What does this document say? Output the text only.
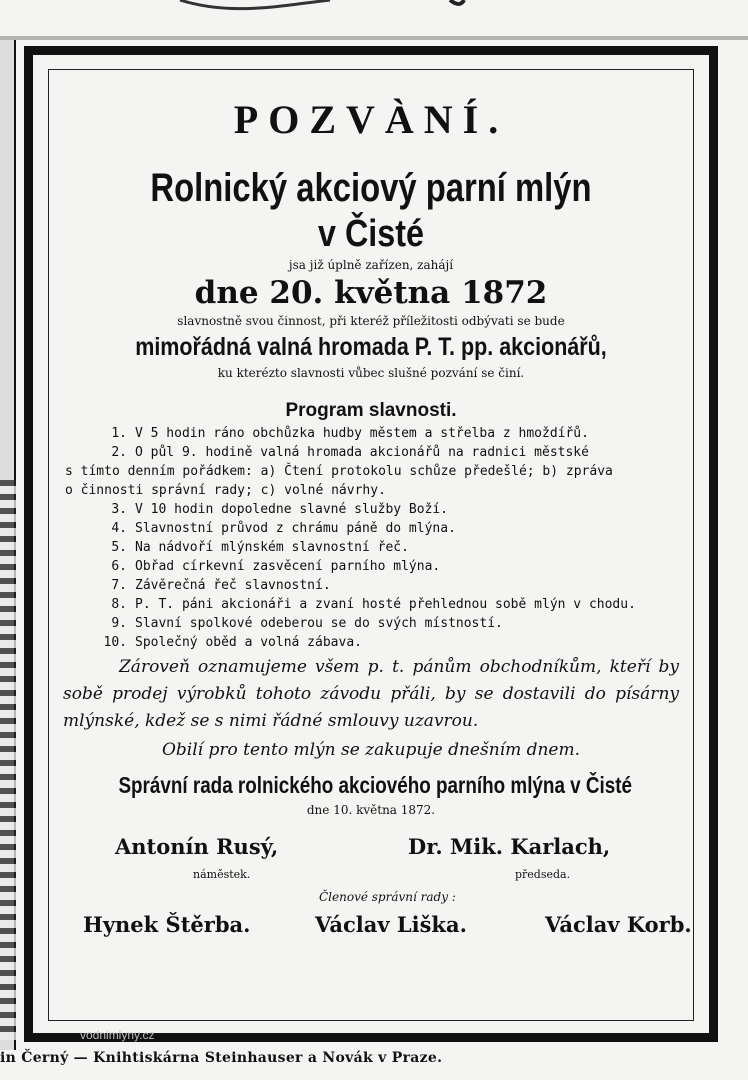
POZVÀNÍ.

Rolnický akciový parní mlýn

v Čisté

jsa již úplně zařízen, zahájí

dne 20. května 1872

slavnostně svou činnost, při kteréž příležitosti odbývati se bude

mimořádná valná hromada P. T. pp. akcionářů,

ku kterézto slavnosti vůbec slušné pozvání se činí.

Program slavnosti.

1. V 5 hodin ráno obchůzka hudby městem a střelba z hmoždířů.
2. O půl 9. hodině valná hromada akcionářů na radnici městské
s tímto denním pořádkem: a) Čtení protokolu schůze předešlé; b) zpráva
o činnosti správní rady; c) volné návrhy.
3. V 10 hodin dopoledne slavné služby Boží.
4. Slavnostní průvod z chrámu páně do mlýna.
5. Na nádvoří mlýnském slavnostní řeč.
6. Obřad církevní zasvěcení parního mlýna.
7. Závěrečná řeč slavnostní.
8. P. T. páni akcionáři a zvaní hosté přehlednou sobě mlýn v chodu.
9. Slavní spolkové odeberou se do svých místností.
10. Společný oběd a volná zábava.

Zároveň oznamujeme všem p. t. pánům obchodníkům, kteří by sobě prodej výrobků tohoto závodu přáli, by se dostavili do písárny mlýnské, kdež se s nimi řádné smlouvy uzavrou.

Obilí pro tento mlýn se zakupuje dnešním dnem.

Správní rada rolnického akciového parního mlýna v Čisté

dne 10. května 1872.

Antonín Rusý,
náměstek.
Dr. Mik. Karlach,
předseda.
Členové správní rady :
Hynek Štěrba.	Václav Liška.	Václav Korb.
vodnimlyny.cz
in Černý — Knihtiskárna Steinhauser a Novák v Praze.
